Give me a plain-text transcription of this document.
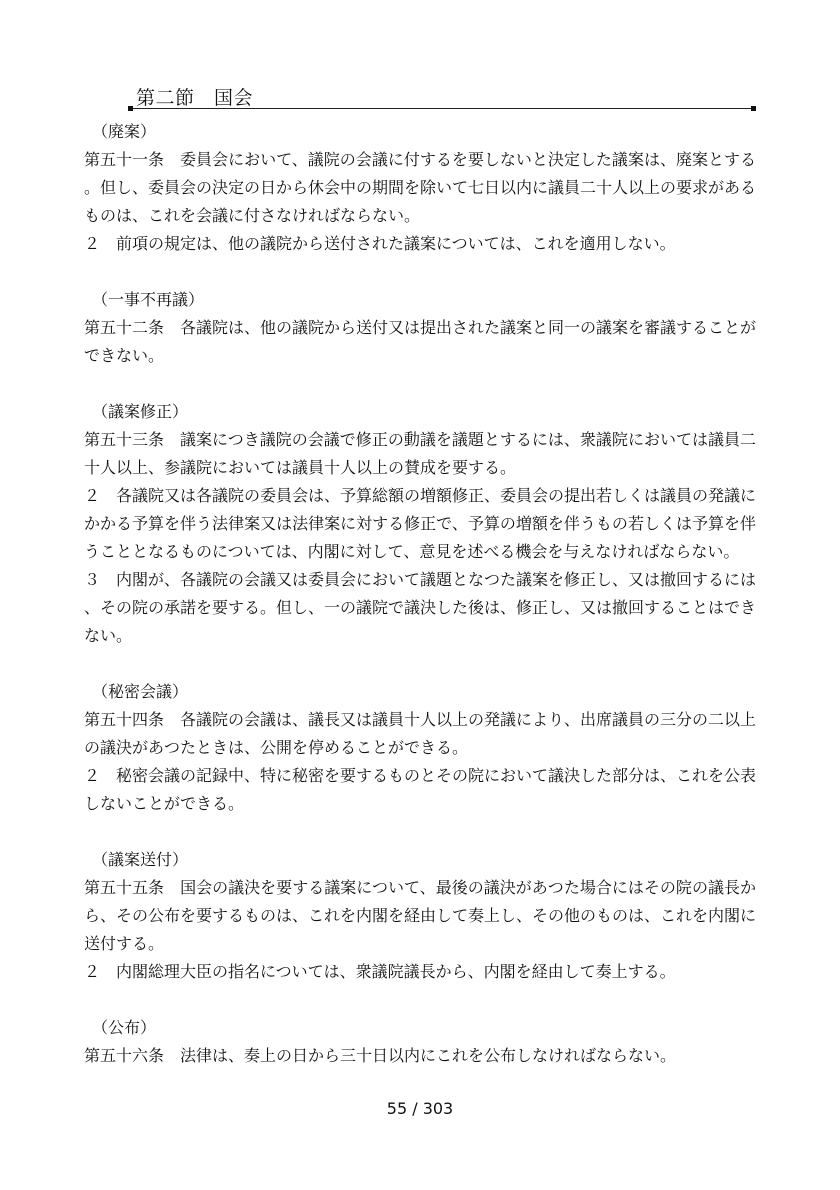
第二節　国会
（廃案）

第五十一条　委員会において、議院の会議に付するを要しないと決定した議案は、廃案とする。但し、委員会の決定の日から休会中の期間を除いて七日以内に議員二十人以上の要求があるものは、これを会議に付さなければならない。

２　前項の規定は、他の議院から送付された議案については、これを適用しない。

（一事不再議）

第五十二条　各議院は、他の議院から送付又は提出された議案と同一の議案を審議することができない。

（議案修正）

第五十三条　議案につき議院の会議で修正の動議を議題とするには、衆議院においては議員二十人以上、参議院においては議員十人以上の賛成を要する。

２　各議院又は各議院の委員会は、予算総額の増額修正、委員会の提出若しくは議員の発議にかかる予算を伴う法律案又は法律案に対する修正で、予算の増額を伴うもの若しくは予算を伴うこととなるものについては、内閣に対して、意見を述べる機会を与えなければならない。

３　内閣が、各議院の会議又は委員会において議題となつた議案を修正し、又は撤回するには、その院の承諾を要する。但し、一の議院で議決した後は、修正し、又は撤回することはできない。

（秘密会議）

第五十四条　各議院の会議は、議長又は議員十人以上の発議により、出席議員の三分の二以上の議決があつたときは、公開を停めることができる。

２　秘密会議の記録中、特に秘密を要するものとその院において議決した部分は、これを公表しないことができる。

（議案送付）

第五十五条　国会の議決を要する議案について、最後の議決があつた場合にはその院の議長から、その公布を要するものは、これを内閣を経由して奏上し、その他のものは、これを内閣に送付する。

２　内閣総理大臣の指名については、衆議院議長から、内閣を経由して奏上する。

（公布）

第五十六条　法律は、奏上の日から三十日以内にこれを公布しなければならない。

55 / 303
